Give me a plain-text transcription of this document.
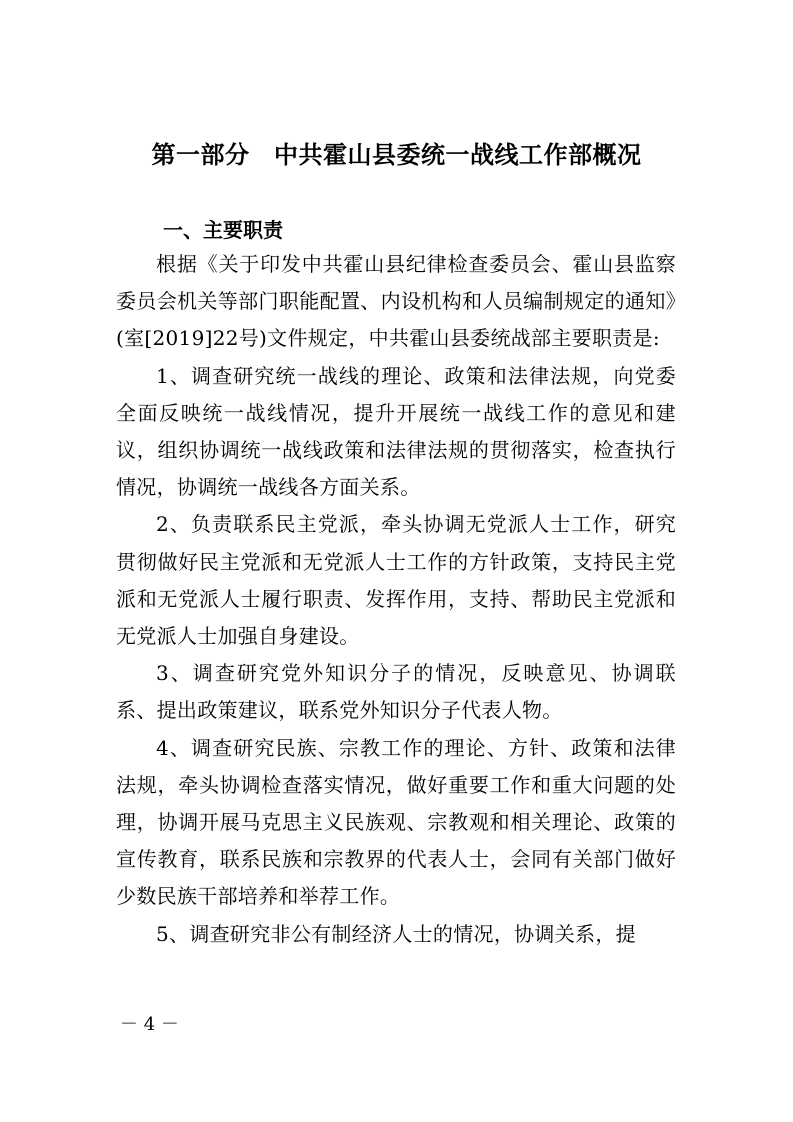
第一部分　中共霍山县委统一战线工作部概况
一、主要职责

根据《关于印发中共霍山县纪律检查委员会、霍山县监察委员会机关等部门职能配置、内设机构和人员编制规定的通知》(室[2019]22号)文件规定，中共霍山县委统战部主要职责是:

1、调查研究统一战线的理论、政策和法律法规，向党委全面反映统一战线情况，提升开展统一战线工作的意见和建议，组织协调统一战线政策和法律法规的贯彻落实，检查执行情况，协调统一战线各方面关系。

2、负责联系民主党派，牵头协调无党派人士工作，研究贯彻做好民主党派和无党派人士工作的方针政策，支持民主党派和无党派人士履行职责、发挥作用，支持、帮助民主党派和无党派人士加强自身建设。

3、调查研究党外知识分子的情况，反映意见、协调联系、提出政策建议，联系党外知识分子代表人物。

4、调查研究民族、宗教工作的理论、方针、政策和法律法规，牵头协调检查落实情况，做好重要工作和重大问题的处理，协调开展马克思主义民族观、宗教观和相关理论、政策的宣传教育，联系民族和宗教界的代表人士，会同有关部门做好少数民族干部培养和举荐工作。

5、调查研究非公有制经济人士的情况，协调关系，提

－ 4 －
